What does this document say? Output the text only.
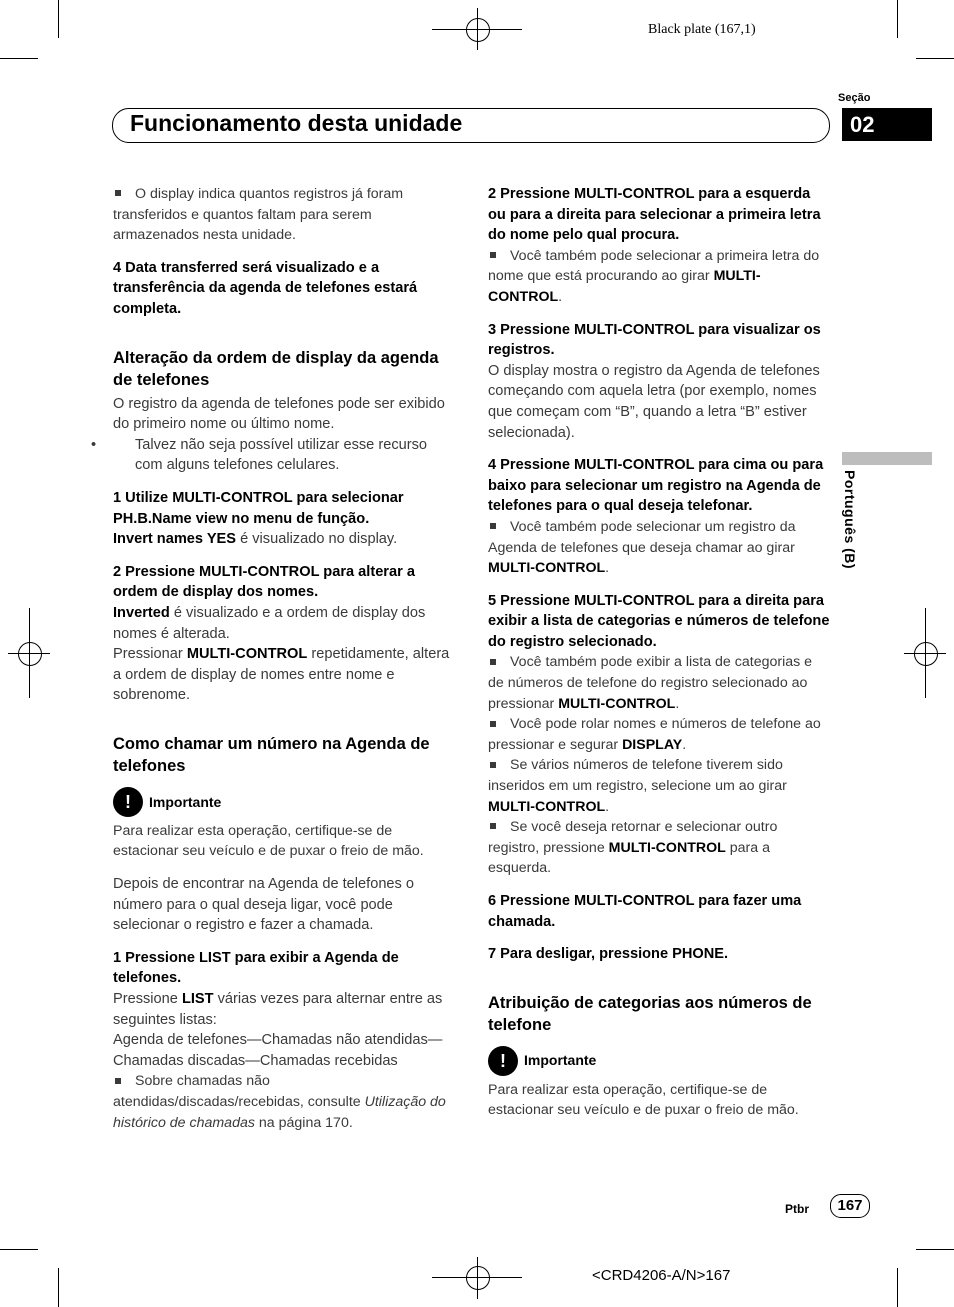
Black plate (167,1)
Seção
Funcionamento desta unidade	02
Português (B)

O display indica quantos registros já foram transferidos e quantos faltam para serem armazenados nesta unidade.

4 Data transferred será visualizado e a transferência da agenda de telefones estará completa.

Alteração da ordem de display da agenda de telefones

O registro da agenda de telefones pode ser exibido do primeiro nome ou último nome.

•	Talvez não seja possível utilizar esse recurso com alguns telefones celulares.

1 Utilize MULTI-CONTROL para selecionar PH.B.Name view no menu de função.

Invert names YES é visualizado no display.

2 Pressione MULTI-CONTROL para alterar a ordem de display dos nomes.

Inverted é visualizado e a ordem de display dos nomes é alterada.

Pressionar MULTI-CONTROL repetidamente, altera a ordem de display de nomes entre nome e sobrenome.

Como chamar um número na Agenda de telefones

!	Importante

Para realizar esta operação, certifique-se de estacionar seu veículo e de puxar o freio de mão.

Depois de encontrar na Agenda de telefones o número para o qual deseja ligar, você pode selecionar o registro e fazer a chamada.

1 Pressione LIST para exibir a Agenda de telefones.

Pressione LIST várias vezes para alternar entre as seguintes listas:

Agenda de telefones—Chamadas não atendidas—Chamadas discadas—Chamadas recebidas

Sobre chamadas não atendidas/discadas/recebidas, consulte Utilização do histórico de chamadas na página 170.

2 Pressione MULTI-CONTROL para a esquerda ou para a direita para selecionar a primeira letra do nome pelo qual procura.

Você também pode selecionar a primeira letra do nome que está procurando ao girar MULTI-CONTROL.

3 Pressione MULTI-CONTROL para visualizar os registros.

O display mostra o registro da Agenda de telefones começando com aquela letra (por exemplo, nomes que começam com “B”, quando a letra “B” estiver selecionada).

4 Pressione MULTI-CONTROL para cima ou para baixo para selecionar um registro na Agenda de telefones para o qual deseja telefonar.

Você também pode selecionar um registro da Agenda de telefones que deseja chamar ao girar MULTI-CONTROL.

5 Pressione MULTI-CONTROL para a direita para exibir a lista de categorias e números de telefone do registro selecionado.

Você também pode exibir a lista de categorias e de números de telefone do registro selecionado ao pressionar MULTI-CONTROL.

Você pode rolar nomes e números de telefone ao pressionar e segurar DISPLAY.

Se vários números de telefone tiverem sido inseridos em um registro, selecione um ao girar MULTI-CONTROL.

Se você deseja retornar e selecionar outro registro, pressione MULTI-CONTROL para a esquerda.

6 Pressione MULTI-CONTROL para fazer uma chamada.

7 Para desligar, pressione PHONE.

Atribuição de categorias aos números de telefone

!	Importante

Para realizar esta operação, certifique-se de estacionar seu veículo e de puxar o freio de mão.

Ptbr	167
<CRD4206-A/N>167
